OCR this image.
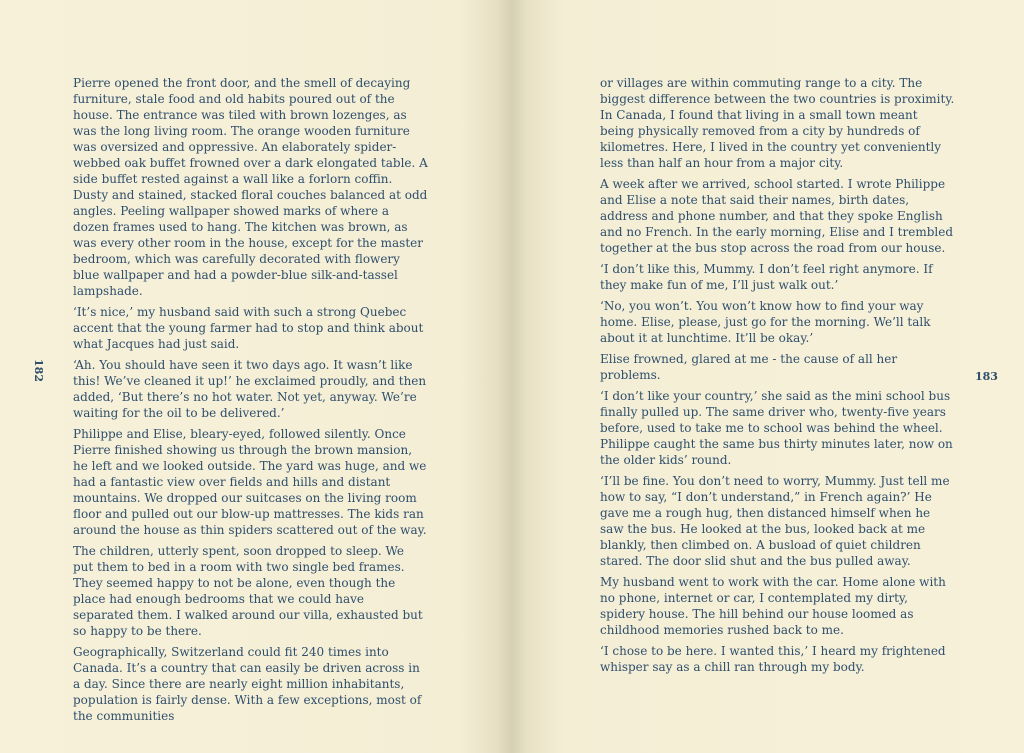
182

Pierre opened the front door, and the smell of decaying furniture, stale food and old habits poured out of the house. The entrance was tiled with brown lozenges, as was the long living room. The orange wooden furniture was oversized and oppressive. An elaborately spider-webbed oak buffet frowned over a dark elongated table. A side buffet rested against a wall like a forlorn coffin. Dusty and stained, stacked floral couches balanced at odd angles. Peeling wallpaper showed marks of where a dozen frames used to hang. The kitchen was brown, as was every other room in the house, except for the master bedroom, which was carefully decorated with flowery blue wallpaper and had a powder-blue silk-and-tassel lampshade.

‘It’s nice,’ my husband said with such a strong Quebec accent that the young farmer had to stop and think about what Jacques had just said.

‘Ah. You should have seen it two days ago. It wasn’t like this! We’ve cleaned it up!’ he exclaimed proudly, and then added, ‘But there’s no hot water. Not yet, anyway. We’re waiting for the oil to be delivered.’

Philippe and Elise, bleary-eyed, followed silently. Once Pierre finished showing us through the brown mansion, he left and we looked outside. The yard was huge, and we had a fantastic view over fields and hills and distant mountains. We dropped our suitcases on the living room floor and pulled out our blow-up mattresses. The kids ran around the house as thin spiders scattered out of the way.

The children, utterly spent, soon dropped to sleep. We put them to bed in a room with two single bed frames. They seemed happy to not be alone, even though the place had enough bedrooms that we could have separated them. I walked around our villa, exhausted but so happy to be there.

Geographically, Switzerland could fit 240 times into Canada. It’s a country that can easily be driven across in a day. Since there are nearly eight million inhabitants, population is fairly dense. With a few exceptions, most of the communities

or villages are within commuting range to a city. The biggest difference between the two countries is proximity. In Canada, I found that living in a small town meant being physically removed from a city by hundreds of kilometres. Here, I lived in the country yet conveniently less than half an hour from a major city.

A week after we arrived, school started. I wrote Philippe and Elise a note that said their names, birth dates, address and phone number, and that they spoke English and no French. In the early morning, Elise and I trembled together at the bus stop across the road from our house.

‘I don’t like this, Mummy. I don’t feel right anymore. If they make fun of me, I’ll just walk out.’

‘No, you won’t. You won’t know how to find your way home. Elise, please, just go for the morning. We’ll talk about it at lunchtime. It’ll be okay.’

Elise frowned, glared at me - the cause of all her problems.

‘I don’t like your country,’ she said as the mini school bus finally pulled up. The same driver who, twenty-five years before, used to take me to school was behind the wheel. Philippe caught the same bus thirty minutes later, now on the older kids’ round.

‘I’ll be fine. You don’t need to worry, Mummy. Just tell me how to say, “I don’t understand,” in French again?’ He gave me a rough hug, then distanced himself when he saw the bus. He looked at the bus, looked back at me blankly, then climbed on. A busload of quiet children stared. The door slid shut and the bus pulled away.

My husband went to work with the car. Home alone with no phone, internet or car, I contemplated my dirty, spidery house. The hill behind our house loomed as childhood memories rushed back to me.

‘I chose to be here. I wanted this,’ I heard my frightened whisper say as a chill ran through my body.

183
